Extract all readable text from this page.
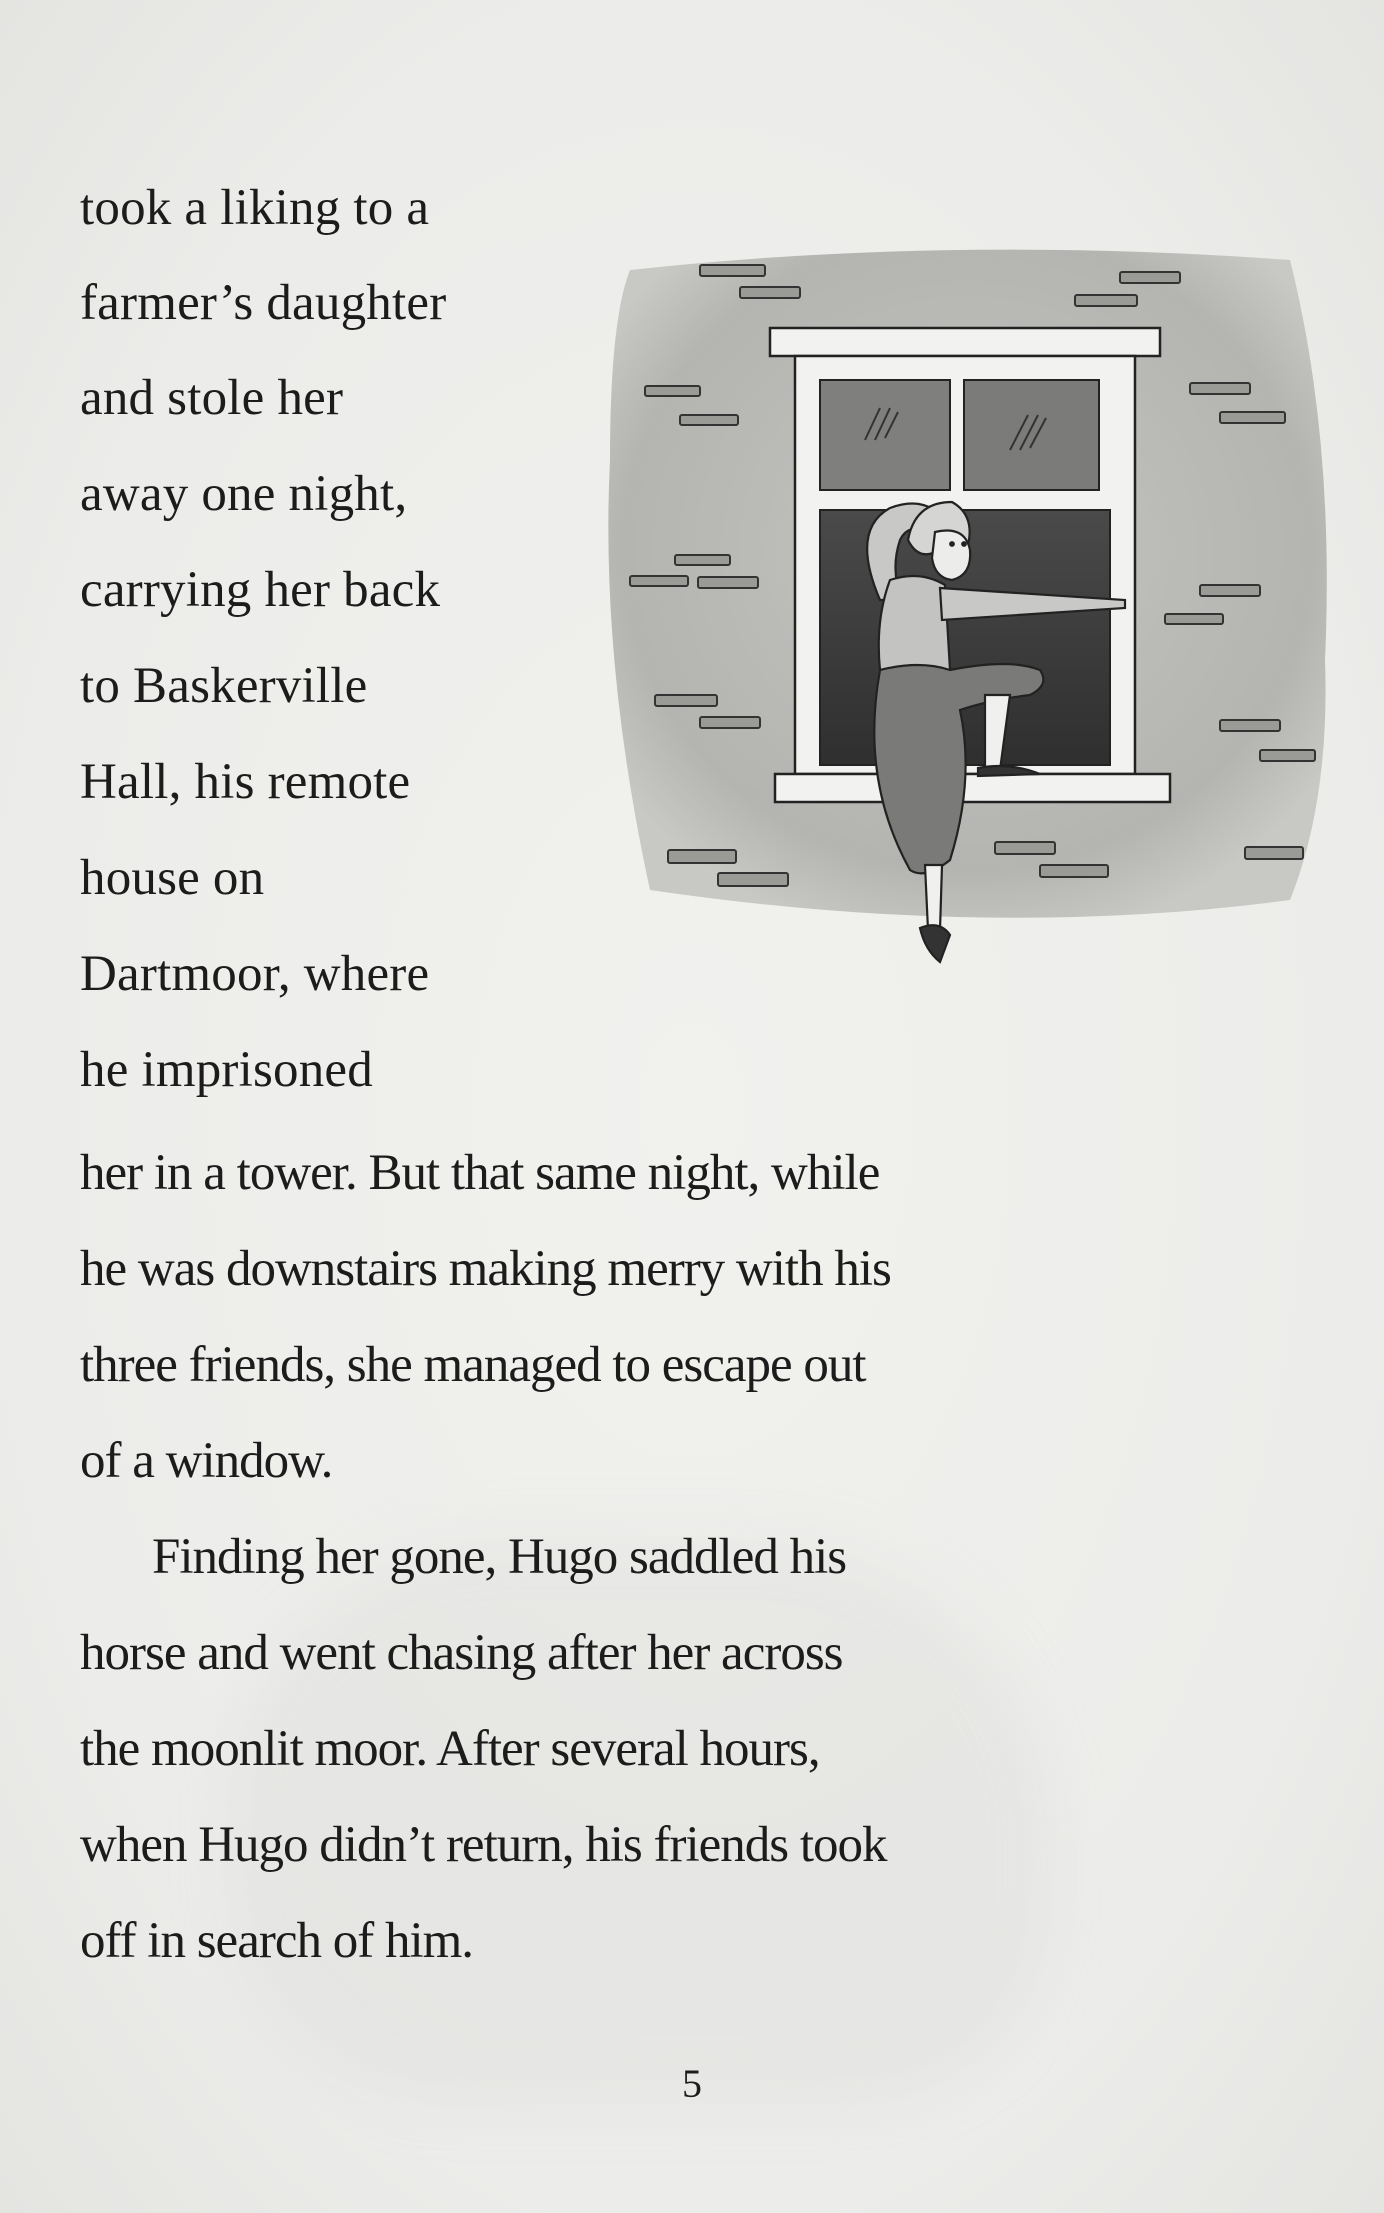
took a liking to a
farmer’s daughter
and stole her
away one night,
carrying her back
to Baskerville
Hall, his remote
house on
Dartmoor, where
he imprisoned
her in a tower. But that same night, while
he was downstairs making merry with his
three friends, she managed to escape out
of a window.
Finding her gone, Hugo saddled his
horse and went chasing after her across
the moonlit moor. After several hours,
when Hugo didn’t return, his friends took
off in search of him.
5
